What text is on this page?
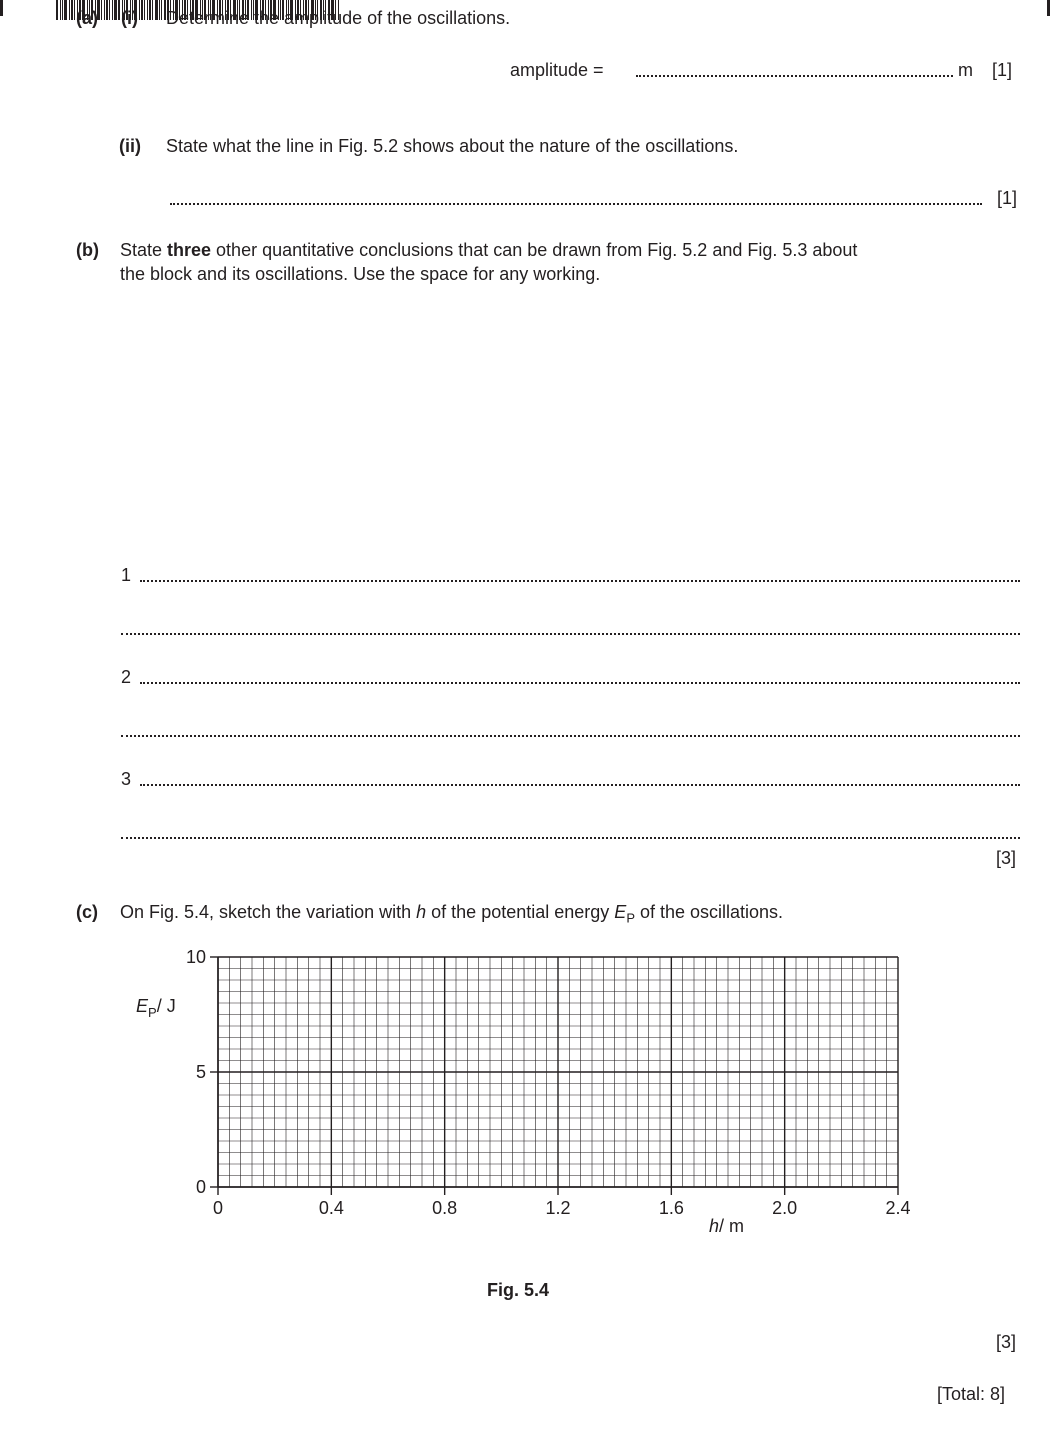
(a) (i) Determine the amplitude of the oscillations.
amplitude =	m [1]
(ii) State what the line in Fig. 5.2 shows about the nature of the oscillations.
[1]
(b) State three other quantitative conclusions that can be drawn from Fig. 5.2 and Fig. 5.3 about
the block and its oscillations. Use the space for any working.
1
2
3
[3]
(c) On Fig. 5.4, sketch the variation with h of the potential energy $E_P$ of the oscillations.
0
5
10
0	0.4	0.8	1.2	1.6	2.0	2.4
$E_P/$ J
h/ m
Fig. 5.4
[3]
[Total: 8]
